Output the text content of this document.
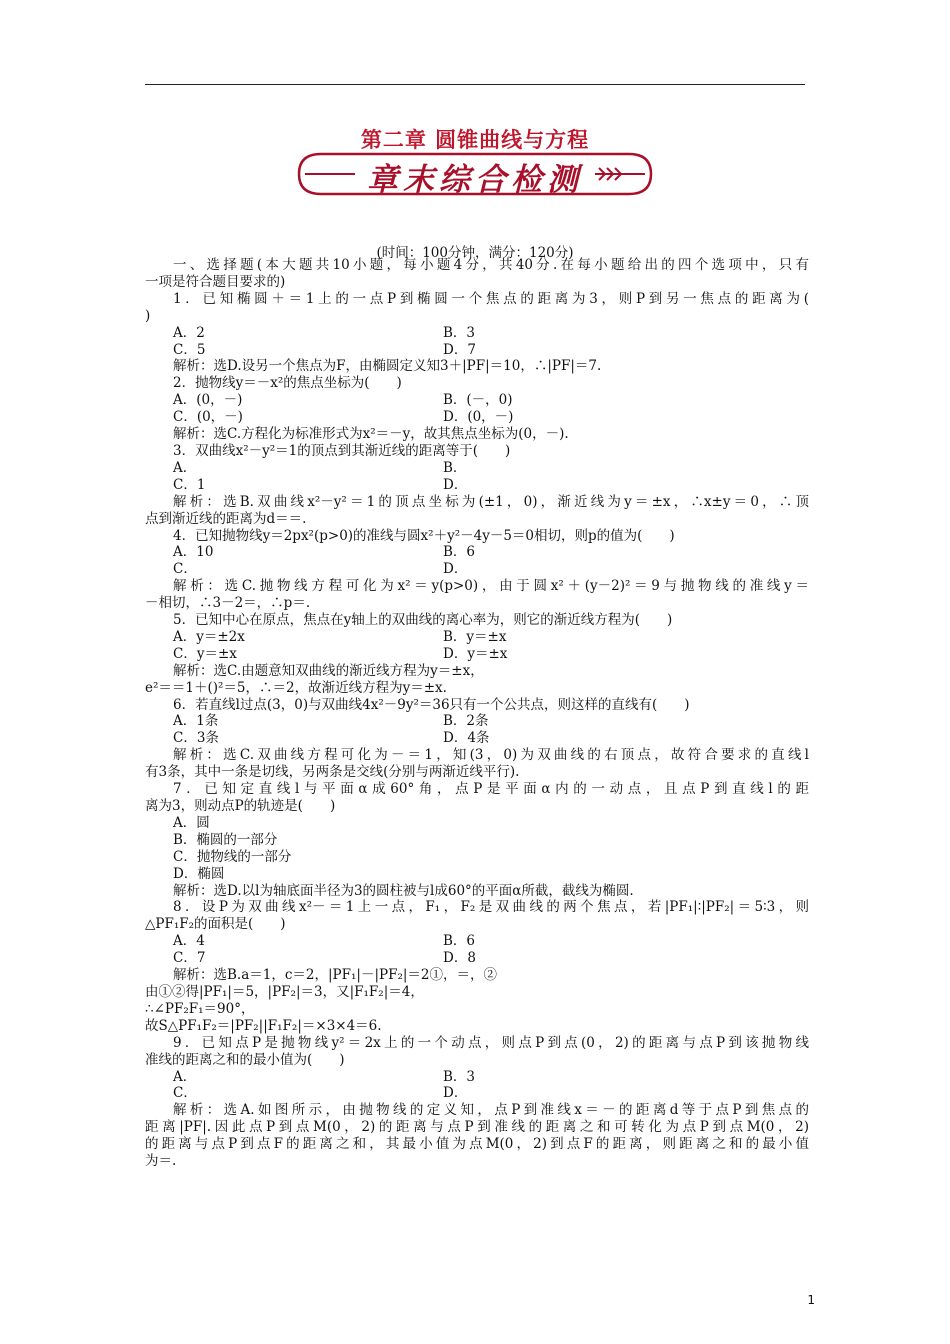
第二章 圆锥曲线与方程
章末综合检测
(时间：100分钟，满分：120分)
一、选择题(本大题共10小题，每小题4分，共40分.在每小题给出的四个选项中，只有
一项是符合题目要求的)
1．已知椭圆＋＝1上的一点P到椭圆一个焦点的距离为3，则P到另一焦点的距离为(
)
A．2	B．3
C．5	D．7
解析：选D.设另一个焦点为F，由椭圆定义知3＋|PF|＝10，∴|PF|＝7.
2．抛物线y＝－x²的焦点坐标为(　　)
A．(0，－)	B．(－，0)
C．(0，－)	D．(0，－)
解析：选C.方程化为标准形式为x²＝－y，故其焦点坐标为(0，－).
3．双曲线x²－y²＝1的顶点到其渐近线的距离等于(　　)
A．	B．
C．1	D．
解析：选B.双曲线x²－y²＝1的顶点坐标为(±1，0)，渐近线为y＝±x，∴x±y＝0，∴顶
点到渐近线的距离为d＝＝.
4．已知抛物线y＝2px²(p>0)的准线与圆x²＋y²－4y－5＝0相切，则p的值为(　　)
A．10	B．6
C．	D．
解析：选C.抛物线方程可化为x²＝y(p>0)，由于圆x²＋(y－2)²＝9与抛物线的准线y＝
－相切，∴3－2＝，∴p＝.
5．已知中心在原点，焦点在y轴上的双曲线的离心率为，则它的渐近线方程为(　　)
A．y＝±2x	B．y＝±x
C．y＝±x	D．y＝±x
解析：选C.由题意知双曲线的渐近线方程为y＝±x，
e²＝＝1＋()²＝5，∴＝2，故渐近线方程为y＝±x.
6．若直线l过点(3，0)与双曲线4x²－9y²＝36只有一个公共点，则这样的直线有(　　)
A．1条	B．2条
C．3条	D．4条
解析：选C.双曲线方程可化为－＝1，知(3，0)为双曲线的右顶点，故符合要求的直线l
有3条，其中一条是切线，另两条是交线(分别与两渐近线平行).
7．已知定直线l与平面α成60°角，点P是平面α内的一动点，且点P到直线l的距
离为3，则动点P的轨迹是(　　)
A．圆
B．椭圆的一部分
C．抛物线的一部分
D．椭圆
解析：选D.以l为轴底面半径为3的圆柱被与l成60°的平面α所截，截线为椭圆.
8．设P为双曲线x²－＝1上一点，F₁，F₂是双曲线的两个焦点，若|PF₁|∶|PF₂|＝5∶3，则
△PF₁F₂的面积是(　　)
A．4	B．6
C．7	D．8
解析：选B.a＝1，c＝2，|PF₁|－|PF₂|＝2①，＝，②
由①②得|PF₁|＝5，|PF₂|＝3，又|F₁F₂|＝4，
∴∠PF₂F₁＝90°，
故S△PF₁F₂＝|PF₂||F₁F₂|＝×3×4＝6.
9．已知点P是抛物线y²＝2x上的一个动点，则点P到点(0，2)的距离与点P到该抛物线
准线的距离之和的最小值为(　　)
A．	B．3
C．	D．
解析：选A.如图所示，由抛物线的定义知，点P到准线x＝－的距离d等于点P到焦点的
距离|PF|.因此点P到点M(0，2)的距离与点P到准线的距离之和可转化为点P到点M(0，2)
的距离与点P到点F的距离之和，其最小值为点M(0，2)到点F的距离，则距离之和的最小值
为＝.
1
